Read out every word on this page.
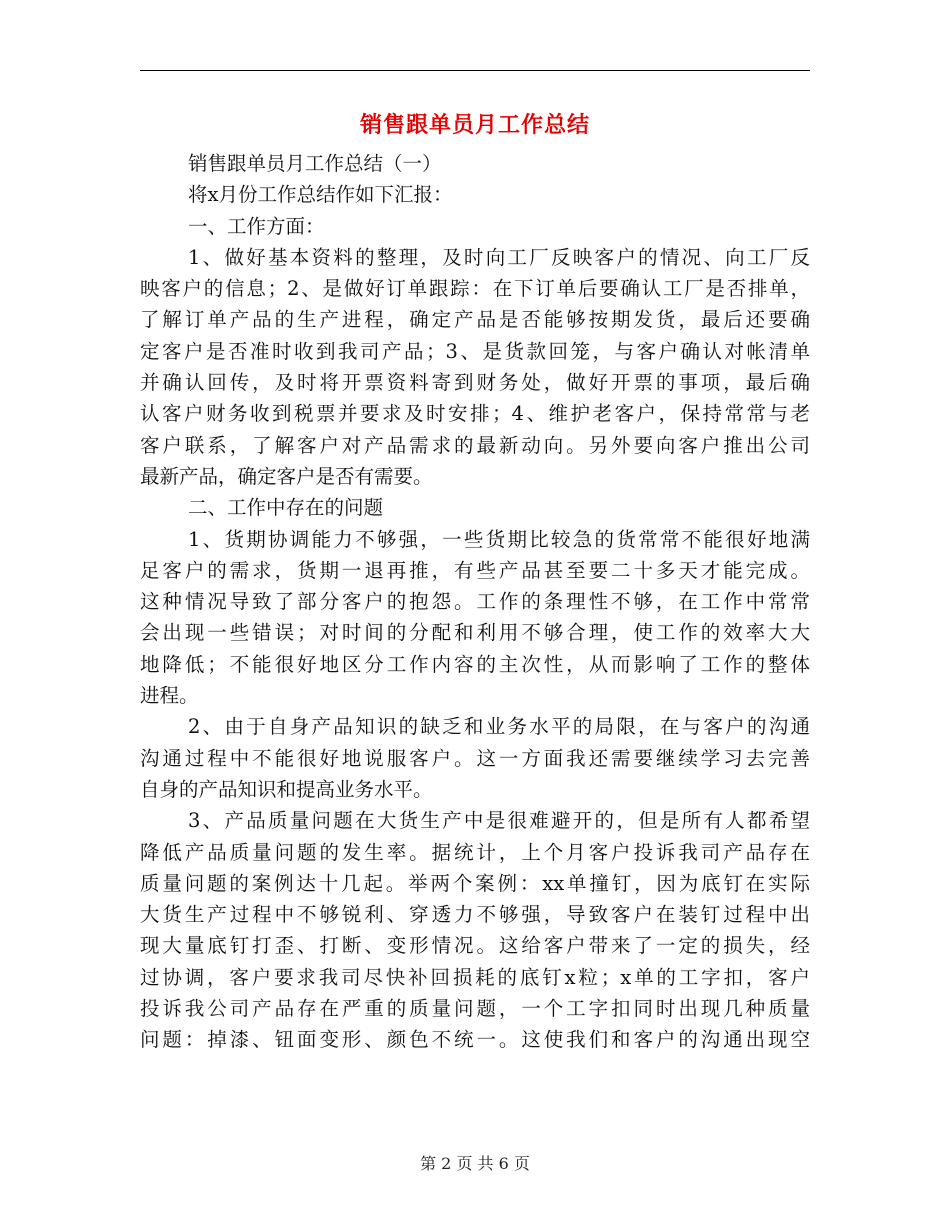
销售跟单员月工作总结
销售跟单员月工作总结（一）
将x月份工作总结作如下汇报：
一、工作方面：
1、做好基本资料的整理，及时向工厂反映客户的情况、向工厂反
映客户的信息；2、是做好订单跟踪：在下订单后要确认工厂是否排单，
了解订单产品的生产进程，确定产品是否能够按期发货，最后还要确
定客户是否准时收到我司产品；3、是货款回笼，与客户确认对帐清单
并确认回传，及时将开票资料寄到财务处，做好开票的事项，最后确
认客户财务收到税票并要求及时安排；4、维护老客户，保持常常与老
客户联系，了解客户对产品需求的最新动向。另外要向客户推出公司
最新产品，确定客户是否有需要。
二、工作中存在的问题
1、货期协调能力不够强，一些货期比较急的货常常不能很好地满
足客户的需求，货期一退再推，有些产品甚至要二十多天才能完成。
这种情况导致了部分客户的抱怨。工作的条理性不够，在工作中常常
会出现一些错误；对时间的分配和利用不够合理，使工作的效率大大
地降低；不能很好地区分工作内容的主次性，从而影响了工作的整体
进程。
2、由于自身产品知识的缺乏和业务水平的局限，在与客户的沟通
沟通过程中不能很好地说服客户。这一方面我还需要继续学习去完善
自身的产品知识和提高业务水平。
3、产品质量问题在大货生产中是很难避开的，但是所有人都希望
降低产品质量问题的发生率。据统计，上个月客户投诉我司产品存在
质量问题的案例达十几起。举两个案例：xx单撞钉，因为底钉在实际
大货生产过程中不够锐利、穿透力不够强，导致客户在装钉过程中出
现大量底钉打歪、打断、变形情况。这给客户带来了一定的损失，经
过协调，客户要求我司尽快补回损耗的底钉x粒；x单的工字扣，客户
投诉我公司产品存在严重的质量问题，一个工字扣同时出现几种质量
问题：掉漆、钮面变形、颜色不统一。这使我们和客户的沟通出现空
第 2 页 共 6 页
